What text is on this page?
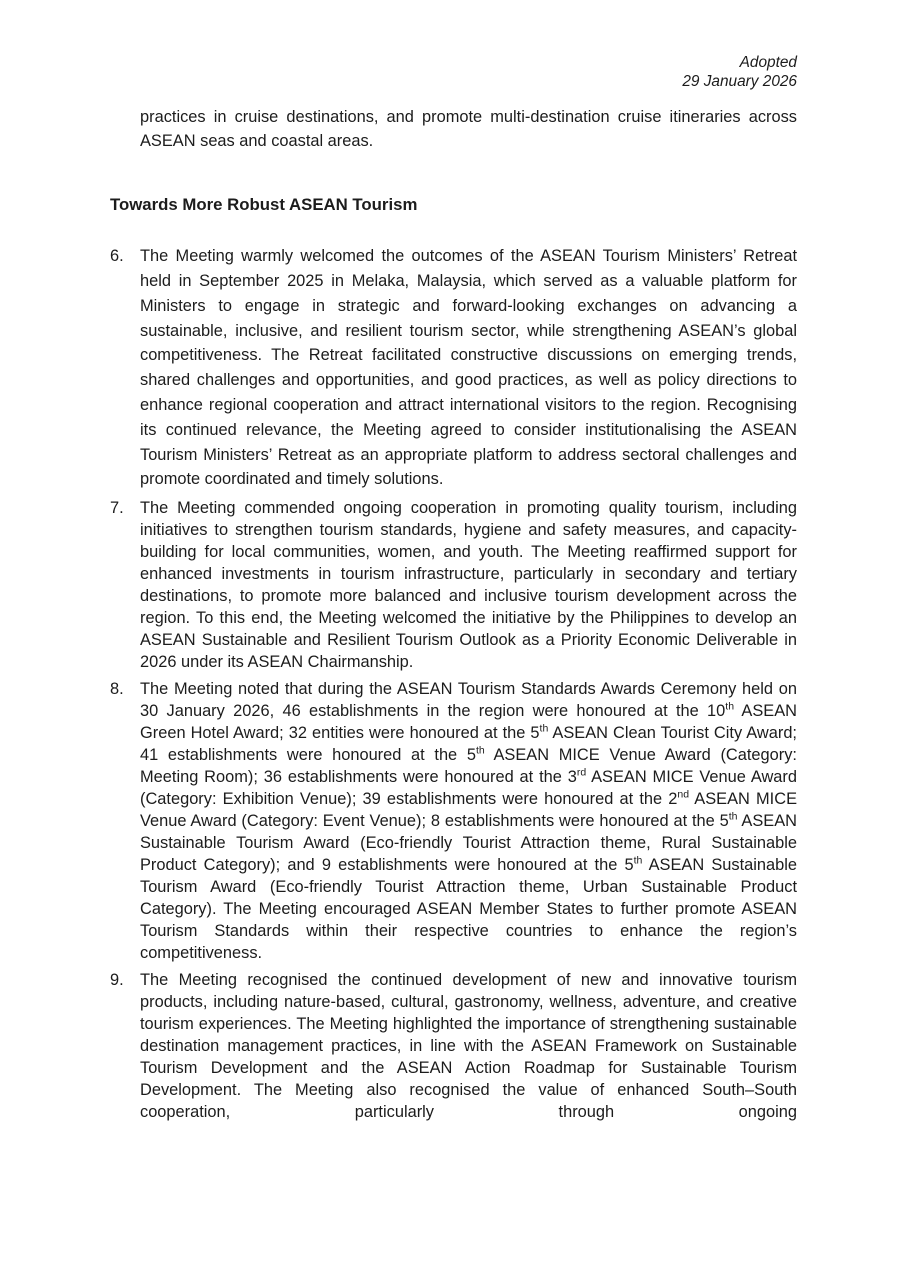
Adopted
29 January 2026

practices in cruise destinations, and promote multi-destination cruise itineraries across ASEAN seas and coastal areas.

Towards More Robust ASEAN Tourism
6. The Meeting warmly welcomed the outcomes of the ASEAN Tourism Ministers’ Retreat held in September 2025 in Melaka, Malaysia, which served as a valuable platform for Ministers to engage in strategic and forward-looking exchanges on advancing a sustainable, inclusive, and resilient tourism sector, while strengthening ASEAN’s global competitiveness. The Retreat facilitated constructive discussions on emerging trends, shared challenges and opportunities, and good practices, as well as policy directions to enhance regional cooperation and attract international visitors to the region. Recognising its continued relevance, the Meeting agreed to consider institutionalising the ASEAN Tourism Ministers’ Retreat as an appropriate platform to address sectoral challenges and promote coordinated and timely solutions.
7. The Meeting commended ongoing cooperation in promoting quality tourism, including initiatives to strengthen tourism standards, hygiene and safety measures, and capacity-building for local communities, women, and youth. The Meeting reaffirmed support for enhanced investments in tourism infrastructure, particularly in secondary and tertiary destinations, to promote more balanced and inclusive tourism development across the region. To this end, the Meeting welcomed the initiative by the Philippines to develop an ASEAN Sustainable and Resilient Tourism Outlook as a Priority Economic Deliverable in 2026 under its ASEAN Chairmanship.
8. The Meeting noted that during the ASEAN Tourism Standards Awards Ceremony held on 30 January 2026, 46 establishments in the region were honoured at the 10th ASEAN Green Hotel Award; 32 entities were honoured at the 5th ASEAN Clean Tourist City Award; 41 establishments were honoured at the 5th ASEAN MICE Venue Award (Category: Meeting Room); 36 establishments were honoured at the 3rd ASEAN MICE Venue Award (Category: Exhibition Venue); 39 establishments were honoured at the 2nd ASEAN MICE Venue Award (Category: Event Venue); 8 establishments were honoured at the 5th ASEAN Sustainable Tourism Award (Eco-friendly Tourist Attraction theme, Rural Sustainable Product Category); and 9 establishments were honoured at the 5th ASEAN Sustainable Tourism Award (Eco-friendly Tourist Attraction theme, Urban Sustainable Product Category). The Meeting encouraged ASEAN Member States to further promote ASEAN Tourism Standards within their respective countries to enhance the region’s competitiveness.
9. The Meeting recognised the continued development of new and innovative tourism products, including nature-based, cultural, gastronomy, wellness, adventure, and creative tourism experiences. The Meeting highlighted the importance of strengthening sustainable destination management practices, in line with the ASEAN Framework on Sustainable Tourism Development and the ASEAN Action Roadmap for Sustainable Tourism Development. The Meeting also recognised the value of enhanced South–South cooperation, particularly through ongoing
